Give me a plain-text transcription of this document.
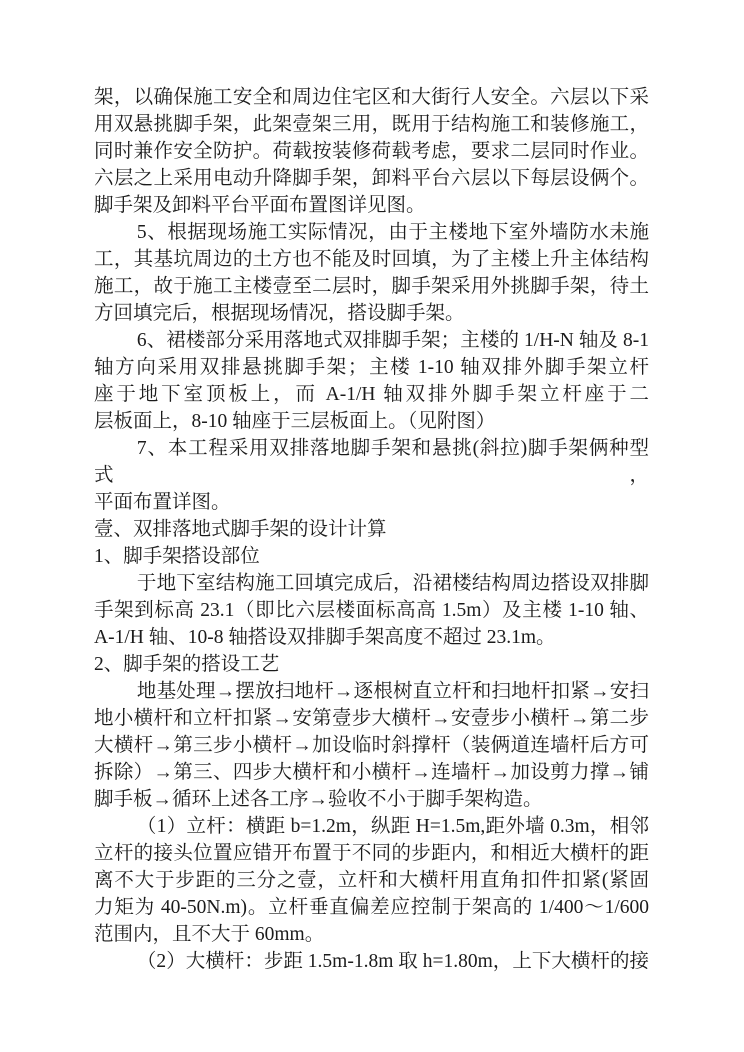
架，以确保施工安全和周边住宅区和大街行人安全。六层以下采

用双悬挑脚手架，此架壹架三用，既用于结构施工和装修施工，

同时兼作安全防护。荷载按装修荷载考虑，要求二层同时作业。

六层之上采用电动升降脚手架，卸料平台六层以下每层设俩个。

脚手架及卸料平台平面布置图详见图。

5、根据现场施工实际情况，由于主楼地下室外墙防水未施

工，其基坑周边的土方也不能及时回填，为了主楼上升主体结构

施工，故于施工主楼壹至二层时，脚手架采用外挑脚手架，待土

方回填完后，根据现场情况，搭设脚手架。

6、裙楼部分采用落地式双排脚手架；主楼的 1/H-N 轴及 8-1

轴方向采用双排悬挑脚手架；主楼 1-10 轴双排外脚手架立杆

座于地下室顶板上，而 A-1/H 轴双排外脚手架立杆座于二

层板面上，8-10 轴座于三层板面上。（见附图）

7、本工程采用双排落地脚手架和悬挑(斜拉)脚手架俩种型式，

平面布置详图。

壹、双排落地式脚手架的设计计算

1、脚手架搭设部位

于地下室结构施工回填完成后，沿裙楼结构周边搭设双排脚

手架到标高 23.1（即比六层楼面标高高 1.5m）及主楼 1-10 轴、

A-1/H 轴、10-8 轴搭设双排脚手架高度不超过 23.1m。

2、脚手架的搭设工艺

地基处理→摆放扫地杆→逐根树直立杆和扫地杆扣紧→安扫

地小横杆和立杆扣紧→安第壹步大横杆→安壹步小横杆→第二步

大横杆→第三步小横杆→加设临时斜撑杆（装俩道连墙杆后方可

拆除）→第三、四步大横杆和小横杆→连墙杆→加设剪力撑→铺

脚手板→循环上述各工序→验收不小于脚手架构造。

（1）立杆：横距 b=1.2m，纵距 H=1.5m,距外墙 0.3m，相邻

立杆的接头位置应错开布置于不同的步距内，和相近大横杆的距

离不大于步距的三分之壹，立杆和大横杆用直角扣件扣紧(紧固

力矩为 40-50N.m)。立杆垂直偏差应控制于架高的 1/400～1/600

范围内，且不大于 60mm。

（2）大横杆：步距 1.5m-1.8m 取 h=1.80m，上下大横杆的接
